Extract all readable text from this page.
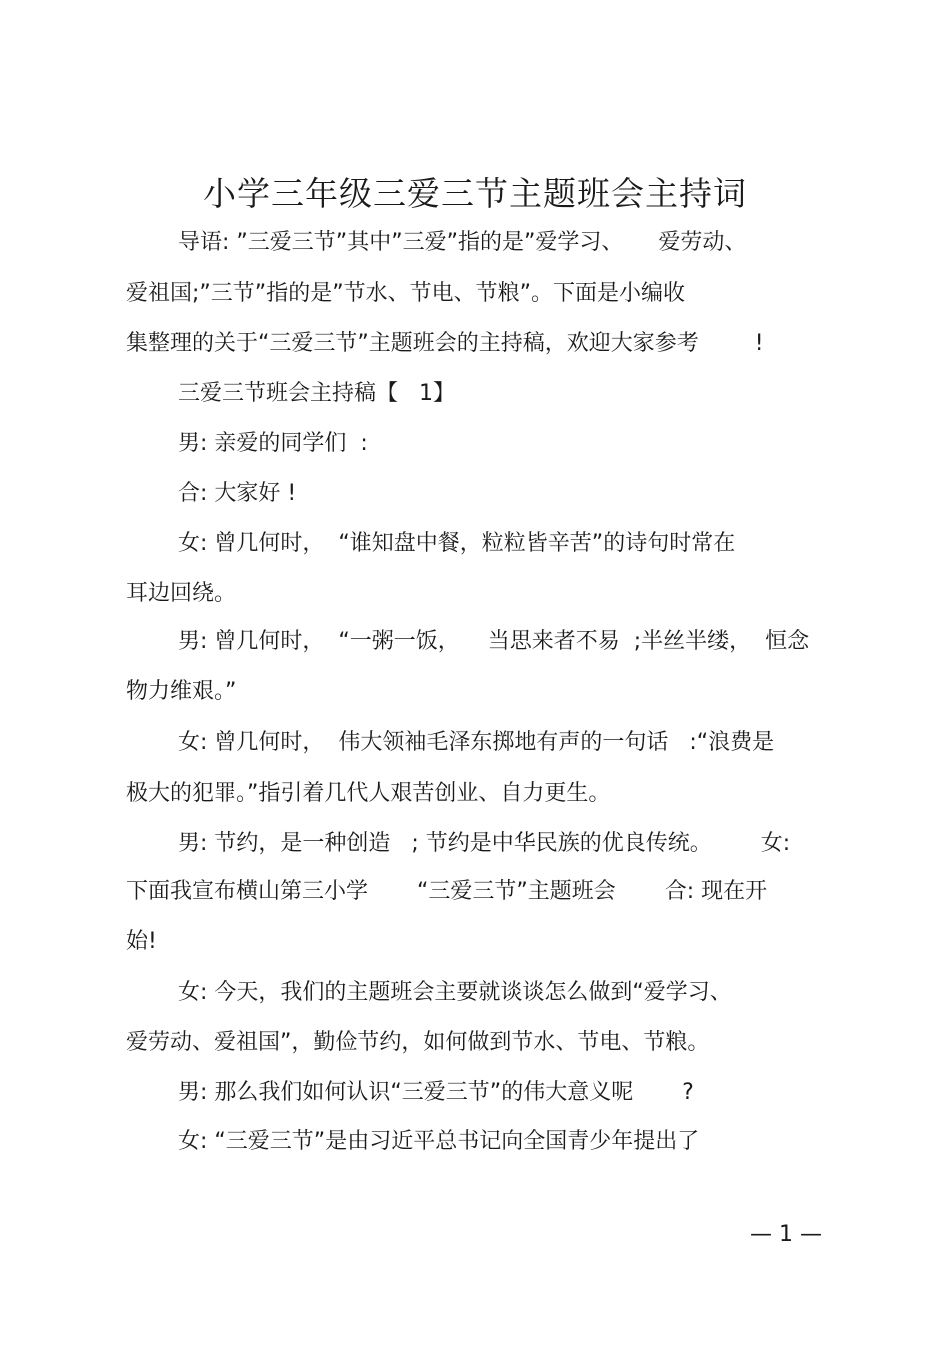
小学三年级三爱三节主题班会主持词
导语: ”三爱三节”其中”三爱”指的是”爱学习、     爱劳动、
爱祖国;”三节”指的是”节水、节电、节粮”。下面是小编收
集整理的关于“三爱三节”主题班会的主持稿，欢迎大家参考        !
三爱三节班会主持稿【   1】
男: 亲爱的同学们  :
合: 大家好 !
女: 曾几何时，  “谁知盘中餐，粒粒皆辛苦”的诗句时常在
耳边回绕。
男: 曾几何时，  “一粥一饭，    当思来者不易  ;半丝半缕，  恒念
物力维艰。”
女: 曾几何时，  伟大领袖毛泽东掷地有声的一句话   :“浪费是
极大的犯罪。”指引着几代人艰苦创业、自力更生。
男: 节约，是一种创造   ; 节约是中华民族的优良传统。       女:
下面我宣布横山第三小学       “三爱三节”主题班会       合: 现在开
始!
女: 今天，我们的主题班会主要就谈谈怎么做到“爱学习、
爱劳动、爱祖国”，勤俭节约，如何做到节水、节电、节粮。
男: 那么我们如何认识“三爱三节”的伟大意义呢       ?
女: “三爱三节”是由习近平总书记向全国青少年提出了
— 1 —
